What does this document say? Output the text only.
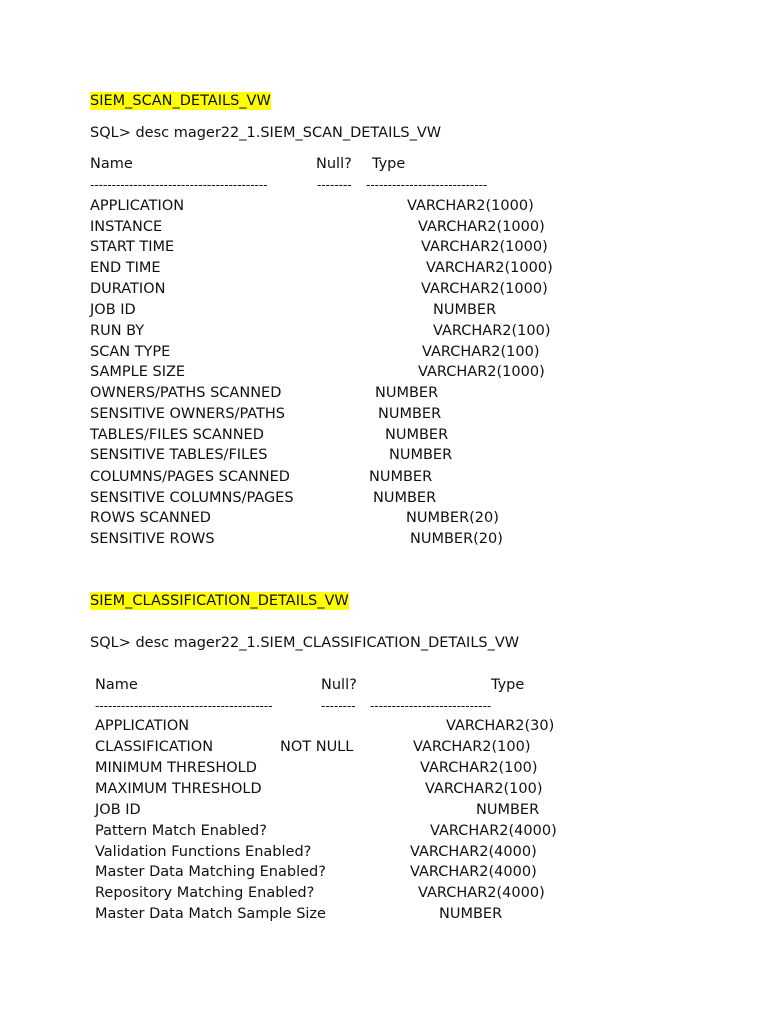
SIEM_SCAN_DETAILS_VW
SQL> desc mager22_1.SIEM_SCAN_DETAILS_VW
Name	Null? Type
-----------------------------------------	-------- ----------------------------
APPLICATION	VARCHAR2(1000)
INSTANCE	VARCHAR2(1000)
START TIME	VARCHAR2(1000)
END TIME	VARCHAR2(1000)
DURATION	VARCHAR2(1000)
JOB ID	NUMBER
RUN BY	VARCHAR2(100)
SCAN TYPE	VARCHAR2(100)
SAMPLE SIZE	VARCHAR2(1000)
OWNERS/PATHS SCANNED	NUMBER
SENSITIVE OWNERS/PATHS	NUMBER
TABLES/FILES SCANNED	NUMBER
SENSITIVE TABLES/FILES	NUMBER
COLUMNS/PAGES SCANNED	NUMBER
SENSITIVE COLUMNS/PAGES	NUMBER
ROWS SCANNED	NUMBER(20)
SENSITIVE ROWS	NUMBER(20)
SIEM_CLASSIFICATION_DETAILS_VW
SQL> desc mager22_1.SIEM_CLASSIFICATION_DETAILS_VW
Name	Null?	Type
-----------------------------------------	-------- ----------------------------
APPLICATION	VARCHAR2(30)
CLASSIFICATION	NOT NULL	VARCHAR2(100)
MINIMUM THRESHOLD	VARCHAR2(100)
MAXIMUM THRESHOLD	VARCHAR2(100)
JOB ID	NUMBER
Pattern Match Enabled?	VARCHAR2(4000)
Validation Functions Enabled?	VARCHAR2(4000)
Master Data Matching Enabled?	VARCHAR2(4000)
Repository Matching Enabled?	VARCHAR2(4000)
Master Data Match Sample Size	NUMBER
